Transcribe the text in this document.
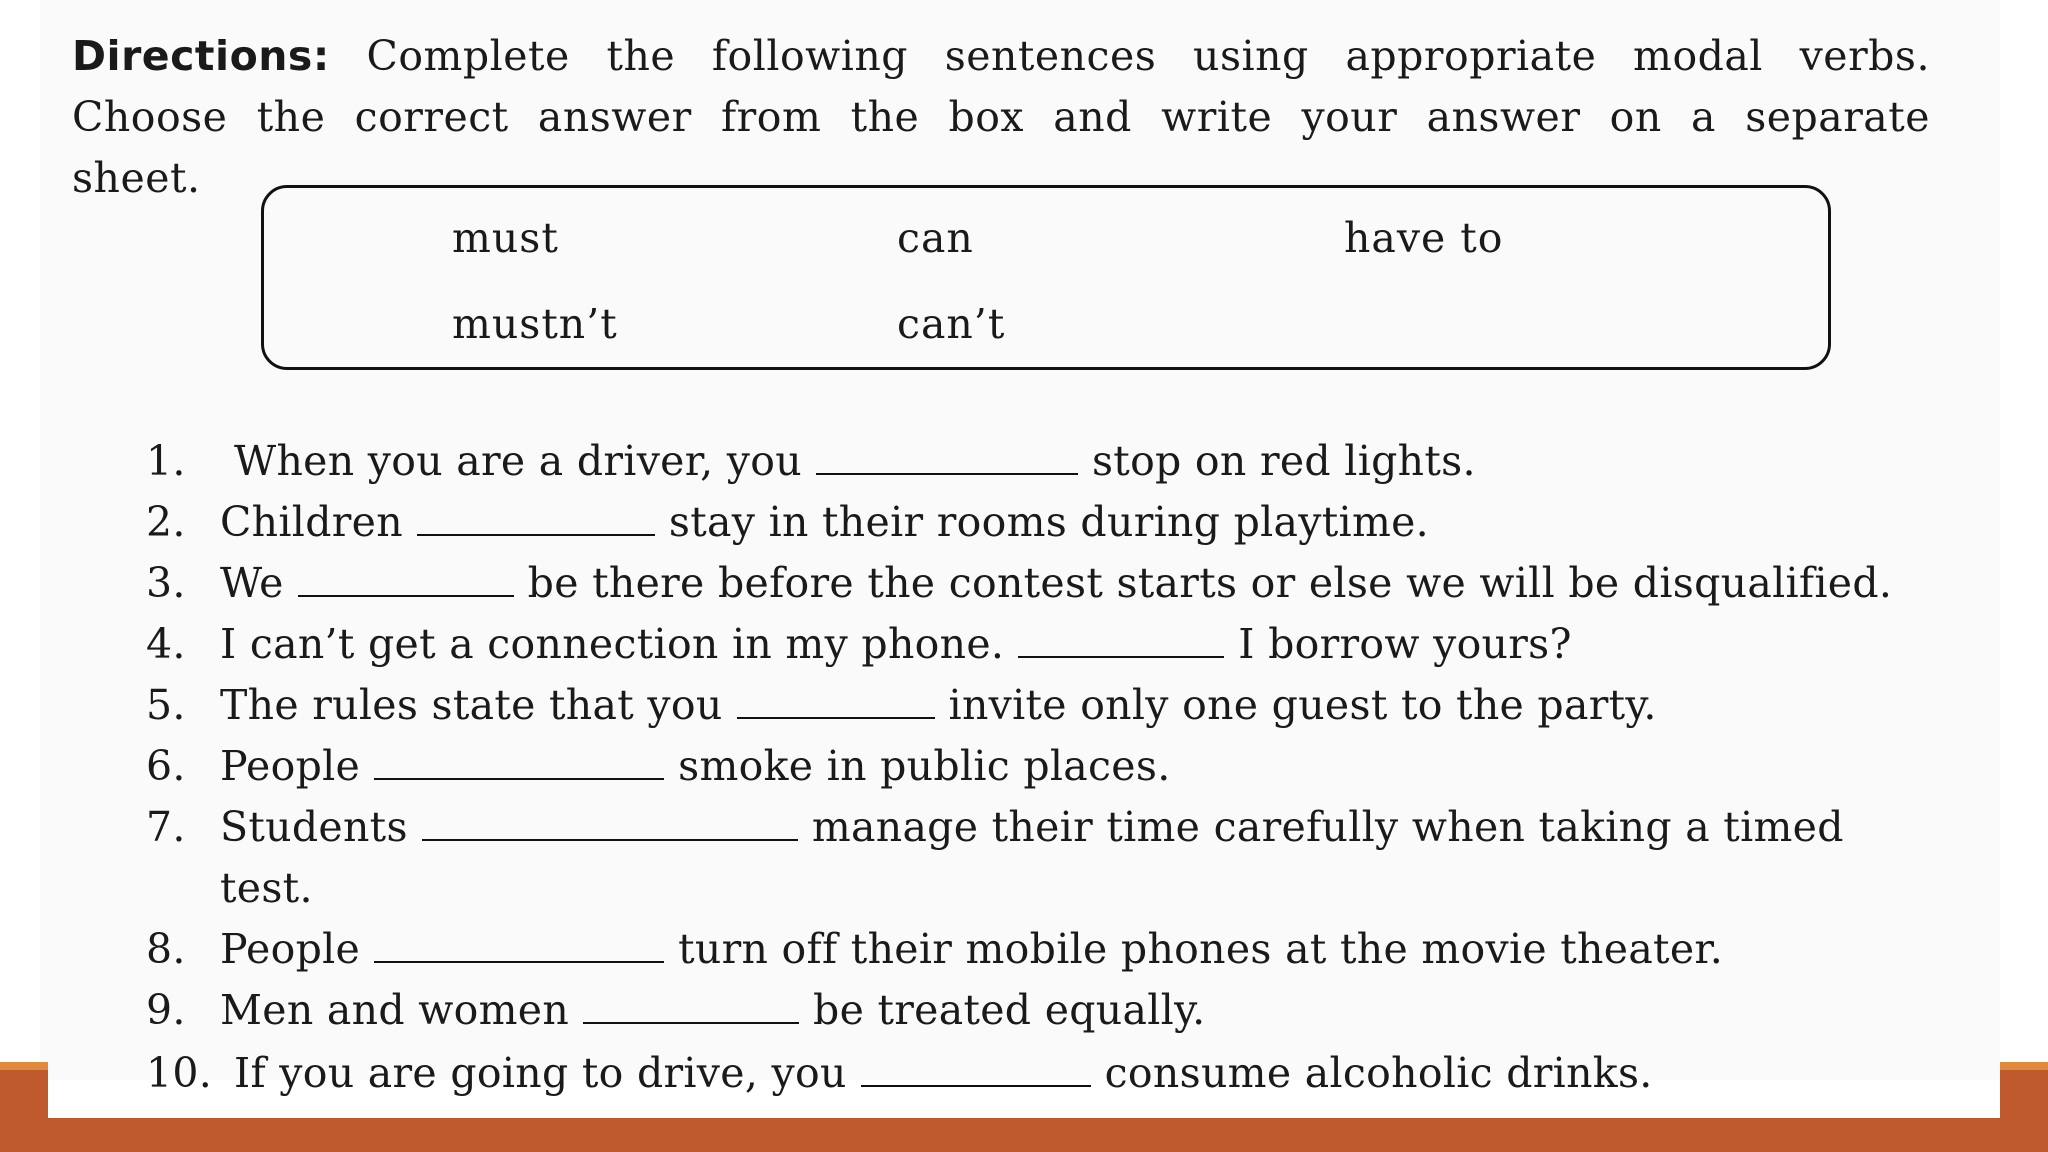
Directions: Complete the following sentences using appropriate modal verbs. Choose the correct answer from the box and write your answer on a separate sheet.
must	can	have to
mustn’t	can’t
1.	When you are a driver, you	stop on red lights.
2. Children	stay in their rooms during playtime.
3. We	be there before the contest starts or else we will be disqualified.
4. I can’t get a connection in my phone.	I borrow yours?
5. The rules state that you	invite only one guest to the party.
6. People	smoke in public places.
7. Students	manage their time carefully when taking a timed
test.
8. People	turn off their mobile phones at the movie theater.
9. Men and women	be treated equally.
10. If you are going to drive, you	consume alcoholic drinks.
